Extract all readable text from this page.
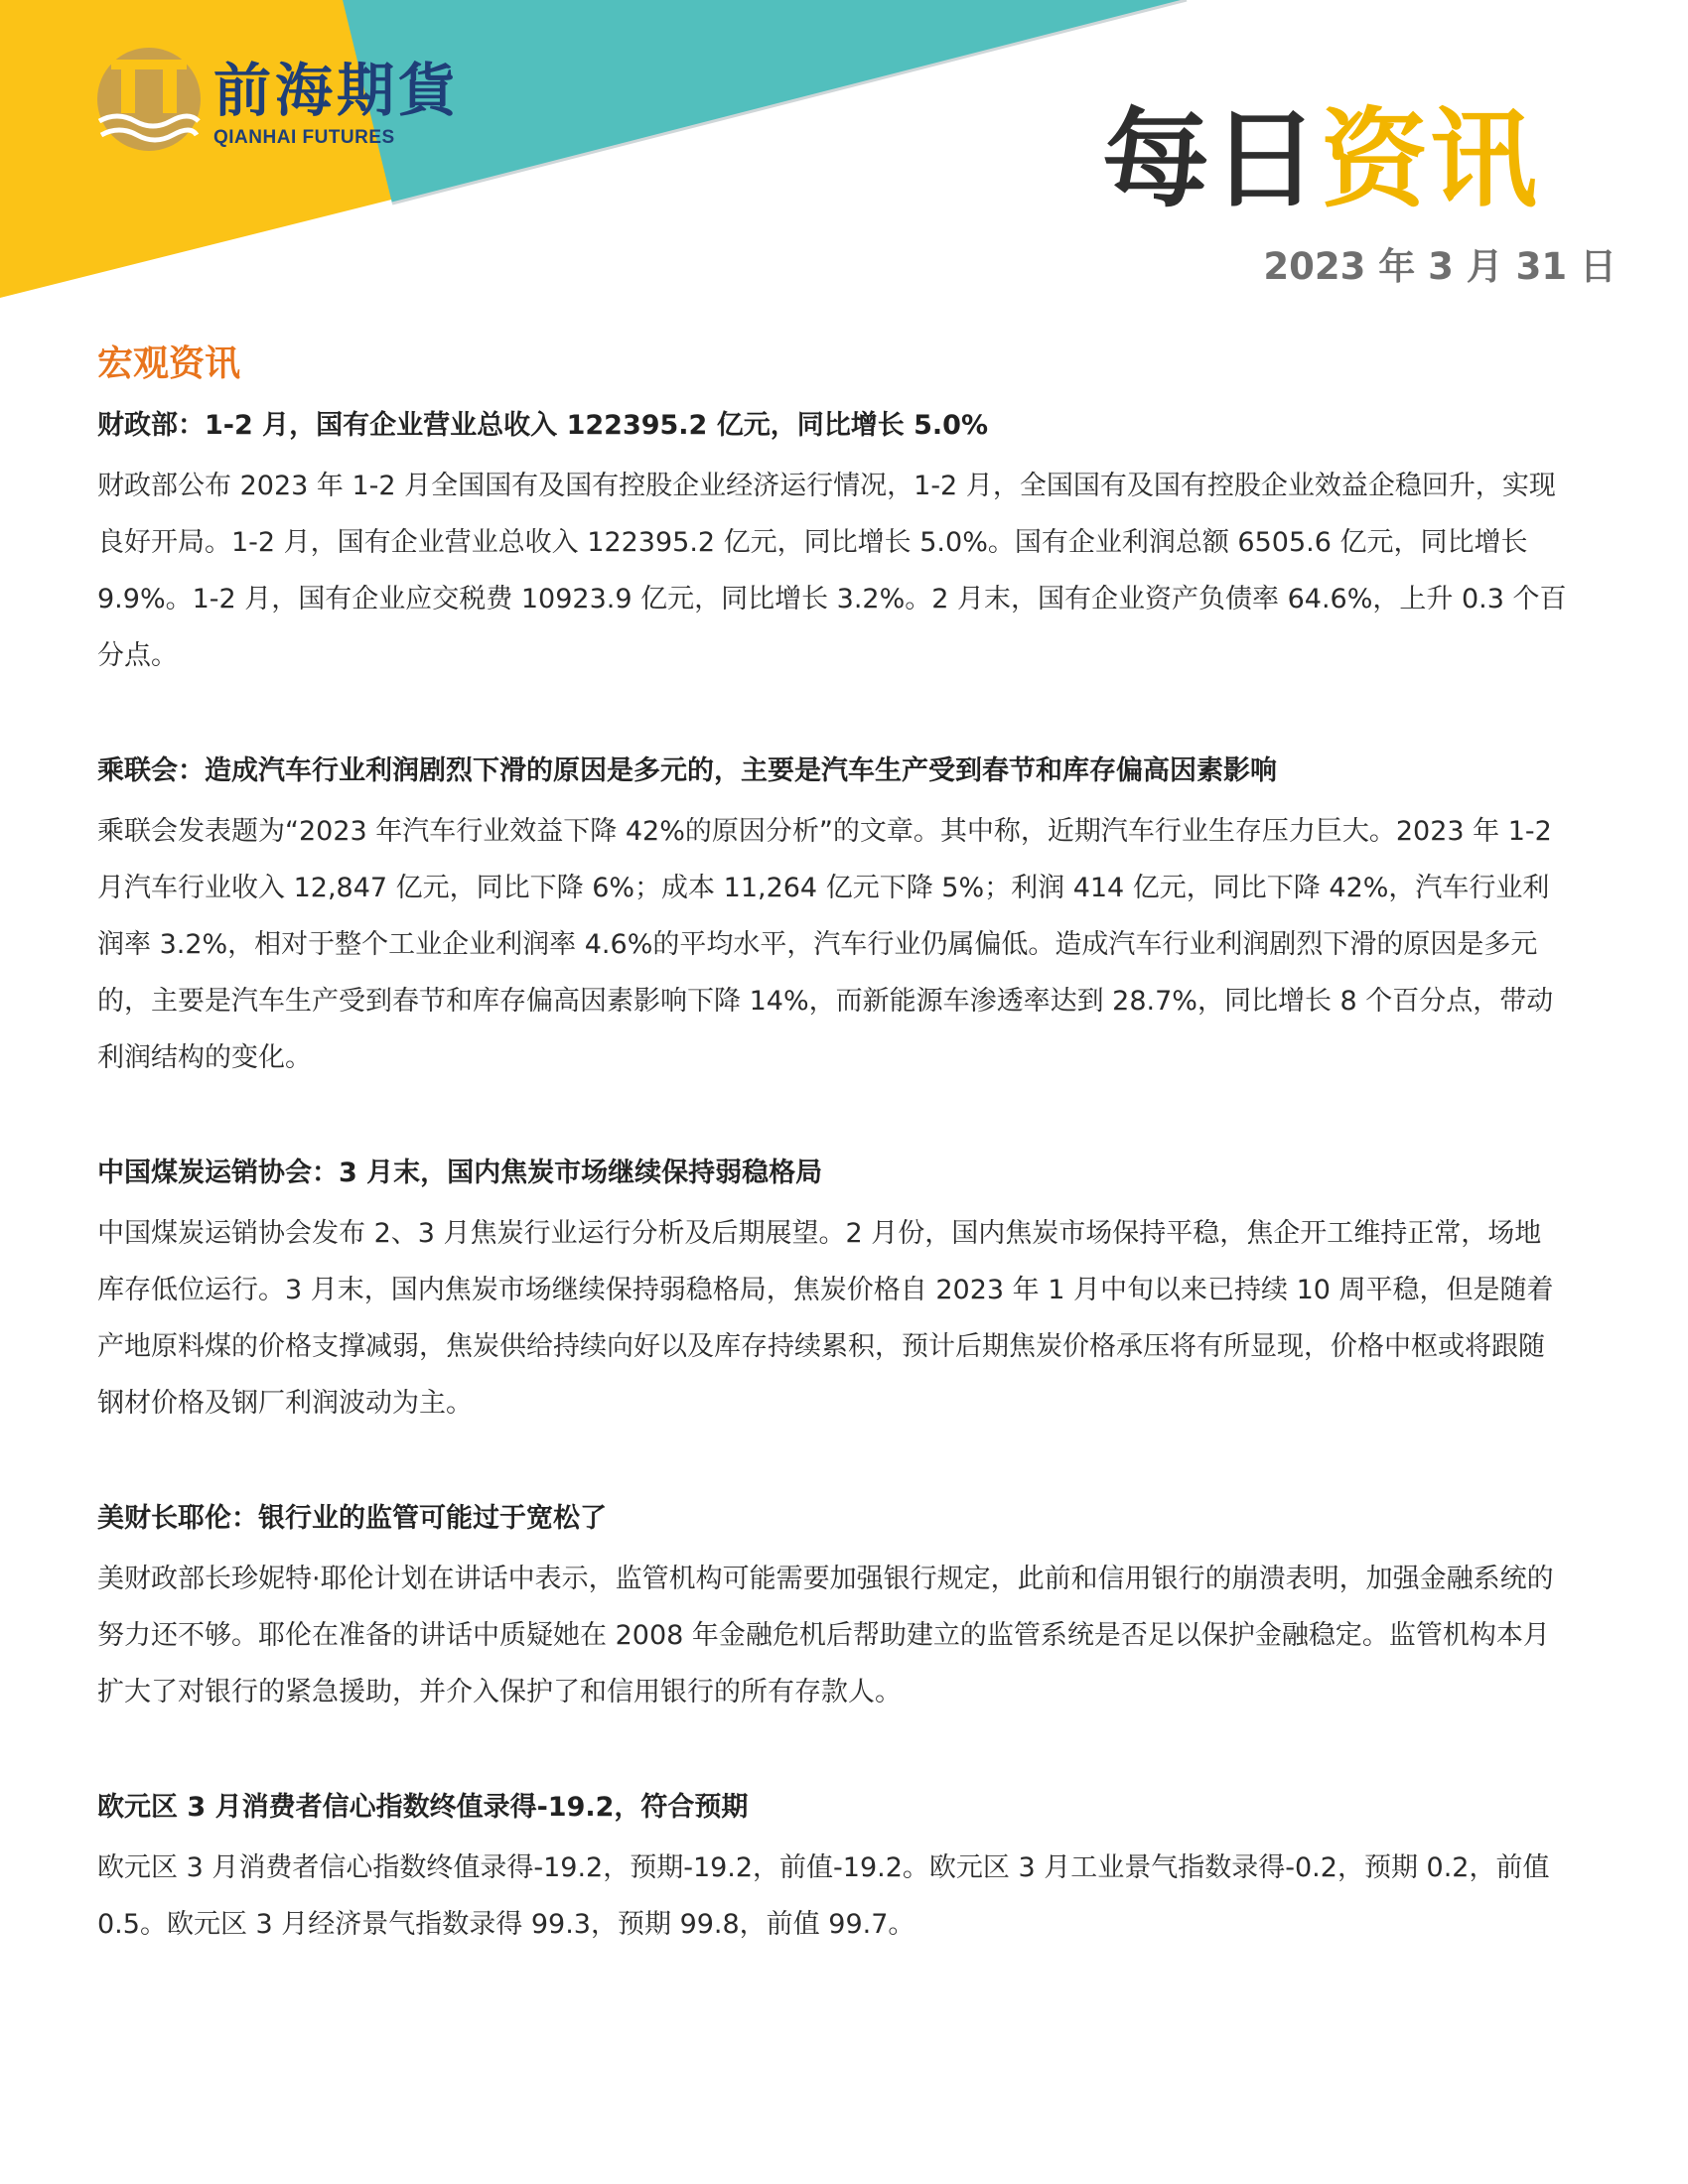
前海期貨
QIANHAI FUTURES	每日资讯
2023 年 3 月 31 日
宏观资讯
财政部：1-2 月，国有企业营业总收入 122395.2 亿元，同比增长 5.0%

财政部公布 2023 年 1-2 月全国国有及国有控股企业经济运行情况，1-2 月，全国国有及国有控股企业效益企稳回升，实现良好开局。1-2 月，国有企业营业总收入 122395.2 亿元，同比增长 5.0%。国有企业利润总额 6505.6 亿元，同比增长 9.9%。1-2 月，国有企业应交税费 10923.9 亿元，同比增长 3.2%。2 月末，国有企业资产负债率 64.6%，上升 0.3 个百分点。

乘联会：造成汽车行业利润剧烈下滑的原因是多元的，主要是汽车生产受到春节和库存偏高因素影响

乘联会发表题为“2023 年汽车行业效益下降 42%的原因分析”的文章。其中称，近期汽车行业生存压力巨大。2023 年 1-2 月汽车行业收入 12,847 亿元，同比下降 6%；成本 11,264 亿元下降 5%；利润 414 亿元，同比下降 42%，汽车行业利润率 3.2%，相对于整个工业企业利润率 4.6%的平均水平，汽车行业仍属偏低。造成汽车行业利润剧烈下滑的原因是多元的，主要是汽车生产受到春节和库存偏高因素影响下降 14%，而新能源车渗透率达到 28.7%，同比增长 8 个百分点，带动利润结构的变化。

中国煤炭运销协会：3 月末，国内焦炭市场继续保持弱稳格局

中国煤炭运销协会发布 2、3 月焦炭行业运行分析及后期展望。2 月份，国内焦炭市场保持平稳，焦企开工维持正常，场地库存低位运行。3 月末，国内焦炭市场继续保持弱稳格局，焦炭价格自 2023 年 1 月中旬以来已持续 10 周平稳，但是随着产地原料煤的价格支撑减弱，焦炭供给持续向好以及库存持续累积，预计后期焦炭价格承压将有所显现，价格中枢或将跟随钢材价格及钢厂利润波动为主。

美财长耶伦：银行业的监管可能过于宽松了

美财政部长珍妮特·耶伦计划在讲话中表示，监管机构可能需要加强银行规定，此前和信用银行的崩溃表明，加强金融系统的努力还不够。耶伦在准备的讲话中质疑她在 2008 年金融危机后帮助建立的监管系统是否足以保护金融稳定。监管机构本月扩大了对银行的紧急援助，并介入保护了和信用银行的所有存款人。

欧元区 3 月消费者信心指数终值录得-19.2，符合预期

欧元区 3 月消费者信心指数终值录得-19.2，预期-19.2，前值-19.2。欧元区 3 月工业景气指数录得-0.2，预期 0.2，前值 0.5。欧元区 3 月经济景气指数录得 99.3，预期 99.8，前值 99.7。
